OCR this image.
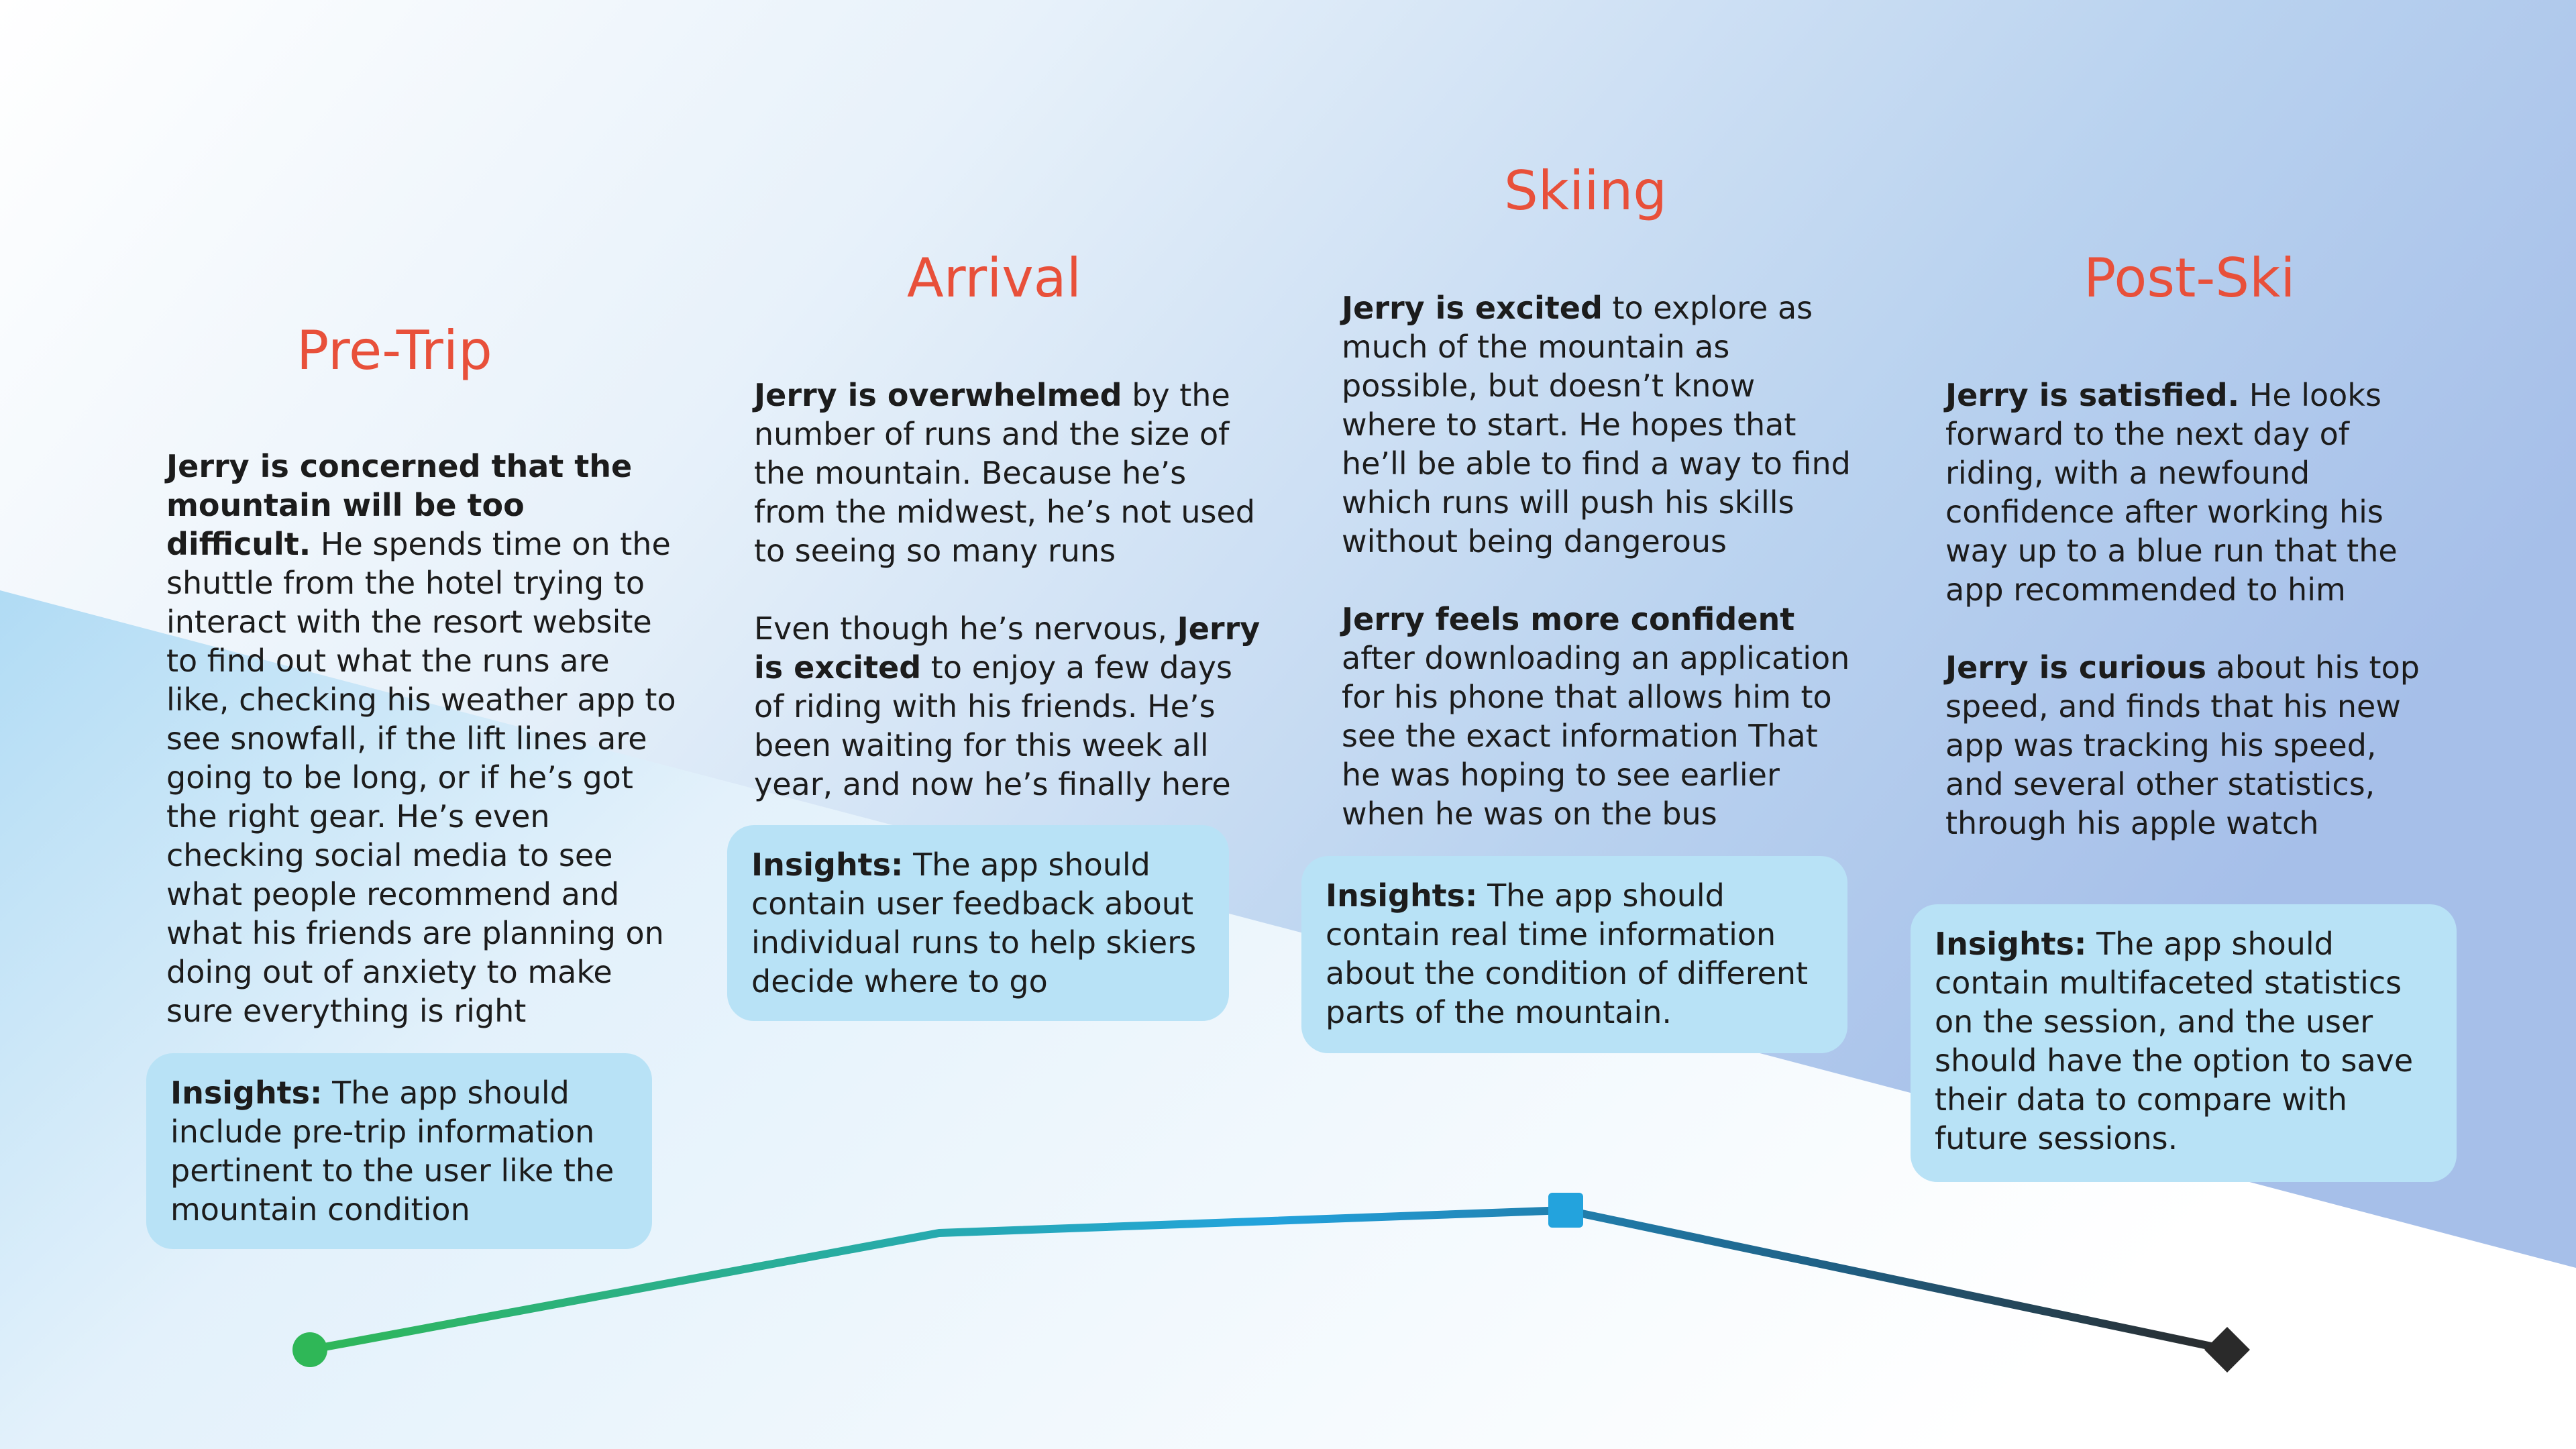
Pre-Trip

Jerry is concerned that the mountain will be too difficult. He spends time on the shuttle from the hotel trying to interact with the resort website to find out what the runs are like, checking his weather app to see snowfall, if the lift lines are going to be long, or if he’s got the right gear. He’s even checking social media to see what people recommend and what his friends are planning on doing out of anxiety to make sure everything is right

Insights: The app should include pre-trip information pertinent to the user like the mountain condition
Arrival

Jerry is overwhelmed by the number of runs and the size of the mountain. Because he’s from the midwest, he’s not used to seeing so many runs

Even though he’s nervous, Jerry is excited to enjoy a few days of riding with his friends. He’s been waiting for this week all year, and now he’s finally here

Insights: The app should contain user feedback about individual runs to help skiers decide where to go
Skiing

Jerry is excited to explore as much of the mountain as possible, but doesn’t know where to start. He hopes that he’ll be able to find a way to find which runs will push his skills without being dangerous

Jerry feels more confident after downloading an application for his phone that allows him to see the exact information That he was hoping to see earlier when he was on the bus

Insights: The app should contain real time information about the condition of different parts of the mountain.
Post-Ski

Jerry is satisfied. He looks forward to the next day of riding, with a newfound confidence after working his way up to a blue run that the app recommended to him

Jerry is curious about his top speed, and finds that his new app was tracking his speed, and several other statistics, through his apple watch

Insights: The app should contain multifaceted statistics on the session, and the user should have the option to save their data to compare with future sessions.
